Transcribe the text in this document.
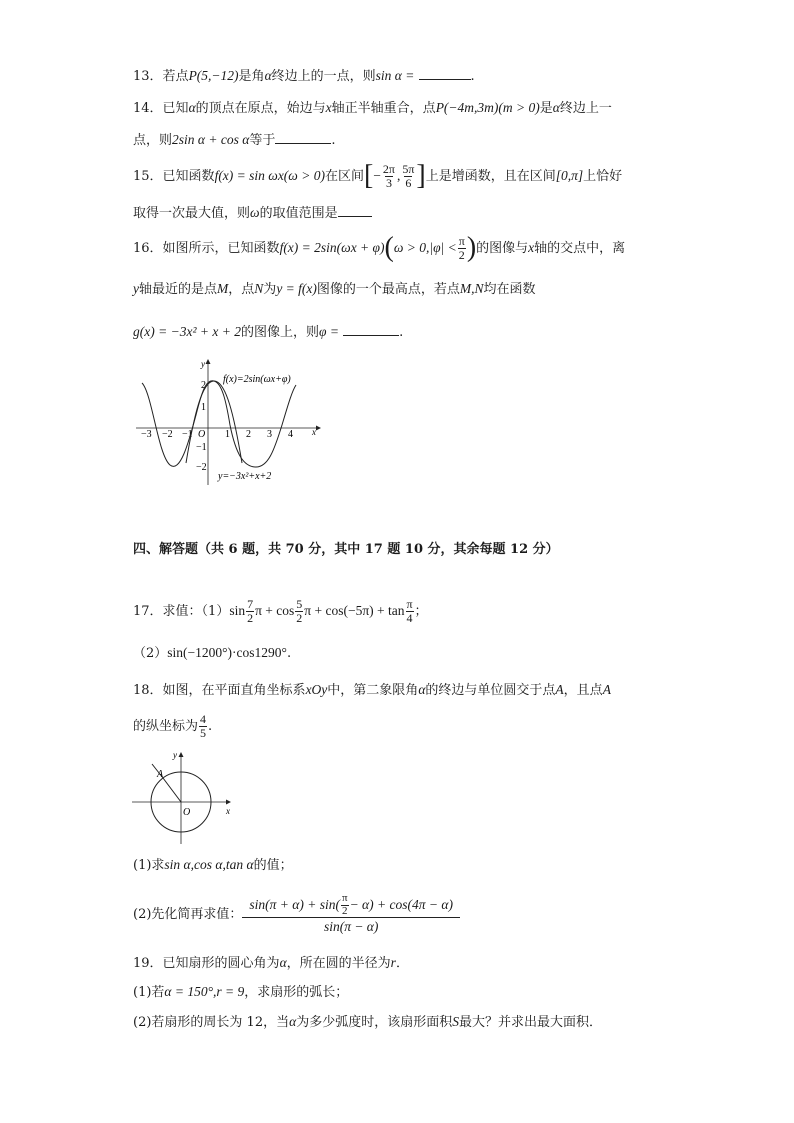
13．若点P(5,−12)是角α终边上的一点，则sin α =	.
14．已知α的顶点在原点，始边与x轴正半轴重合，点P(−4m,3m)(m > 0)是α终边上一
点，则2sin α + cos α等于	.
15． 已知函数 f(x) = sin ωx(ω > 0) 在区间 [ − $\frac{2\pi}{3}$ , $\frac{5\pi}{6}$ ] 上是增函数，且在区间 [0,π] 上恰好
取得一次最大值，则ω的取值范围是
16． 如图所示，已知函数 f(x) = 2sin(ωx + φ) ( $\omega > 0,|\varphi| < \frac{\pi}{2}$ ) 的图像与 x 轴的交点中，离
y轴最近的是点M，点N为y = f(x)图像的一个最高点，若点M,N均在函数
g(x) = −3x² + x + 2的图像上，则φ =	.
y
x
O
−3 −2 −1	1 2 3 4
2
1
−1
−2
f(x)=2sin(ωx+φ)
y=−3x²+x+2
四、解答题（共 6 题，共 70 分，其中 17 题 10 分，其余每题 12 分）
17． 求值：（1） $\sin \frac{7}{2}$ $\pi + \cos \frac{5}{2}$ $\pi + \cos(-5\pi) + \tan \frac{\pi}{4}$ ；
（2）sin(−1200°)·cos1290°.
18．如图，在平面直角坐标系xOy中，第二象限角α的终边与单位圆交于点A，且点A
的纵坐标为 $\frac{4}{5}$ .
y
x
O
A
(1)求sin α,cos α,tan α的值；
(2)先化简再求值： $\frac{\sin(\pi + \alpha) + \sin( \frac{\pi}{2} - \alpha) + \cos(4\pi - \alpha)}{\sin(\pi - \alpha)}$
19．已知扇形的圆心角为α，所在圆的半径为r．
(1)若α = 150°,r = 9，求扇形的弧长；
(2)若扇形的周长为 12，当α为多少弧度时，该扇形面积S最大？并求出最大面积．
